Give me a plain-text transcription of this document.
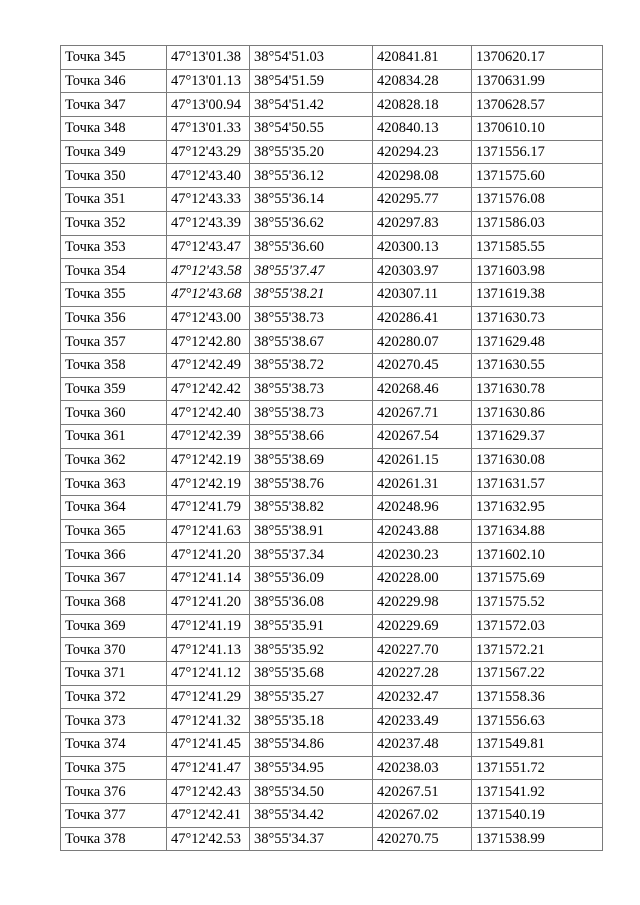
Точка 345	47°13'01.38	38°54'51.03	420841.81	1370620.17
Точка 346	47°13'01.13	38°54'51.59	420834.28	1370631.99
Точка 347	47°13'00.94	38°54'51.42	420828.18	1370628.57
Точка 348	47°13'01.33	38°54'50.55	420840.13	1370610.10
Точка 349	47°12'43.29	38°55'35.20	420294.23	1371556.17
Точка 350	47°12'43.40	38°55'36.12	420298.08	1371575.60
Точка 351	47°12'43.33	38°55'36.14	420295.77	1371576.08
Точка 352	47°12'43.39	38°55'36.62	420297.83	1371586.03
Точка 353	47°12'43.47	38°55'36.60	420300.13	1371585.55
Точка 354	47°12'43.58	38°55'37.47	420303.97	1371603.98
Точка 355	47°12'43.68	38°55'38.21	420307.11	1371619.38
Точка 356	47°12'43.00	38°55'38.73	420286.41	1371630.73
Точка 357	47°12'42.80	38°55'38.67	420280.07	1371629.48
Точка 358	47°12'42.49	38°55'38.72	420270.45	1371630.55
Точка 359	47°12'42.42	38°55'38.73	420268.46	1371630.78
Точка 360	47°12'42.40	38°55'38.73	420267.71	1371630.86
Точка 361	47°12'42.39	38°55'38.66	420267.54	1371629.37
Точка 362	47°12'42.19	38°55'38.69	420261.15	1371630.08
Точка 363	47°12'42.19	38°55'38.76	420261.31	1371631.57
Точка 364	47°12'41.79	38°55'38.82	420248.96	1371632.95
Точка 365	47°12'41.63	38°55'38.91	420243.88	1371634.88
Точка 366	47°12'41.20	38°55'37.34	420230.23	1371602.10
Точка 367	47°12'41.14	38°55'36.09	420228.00	1371575.69
Точка 368	47°12'41.20	38°55'36.08	420229.98	1371575.52
Точка 369	47°12'41.19	38°55'35.91	420229.69	1371572.03
Точка 370	47°12'41.13	38°55'35.92	420227.70	1371572.21
Точка 371	47°12'41.12	38°55'35.68	420227.28	1371567.22
Точка 372	47°12'41.29	38°55'35.27	420232.47	1371558.36
Точка 373	47°12'41.32	38°55'35.18	420233.49	1371556.63
Точка 374	47°12'41.45	38°55'34.86	420237.48	1371549.81
Точка 375	47°12'41.47	38°55'34.95	420238.03	1371551.72
Точка 376	47°12'42.43	38°55'34.50	420267.51	1371541.92
Точка 377	47°12'42.41	38°55'34.42	420267.02	1371540.19
Точка 378	47°12'42.53	38°55'34.37	420270.75	1371538.99
